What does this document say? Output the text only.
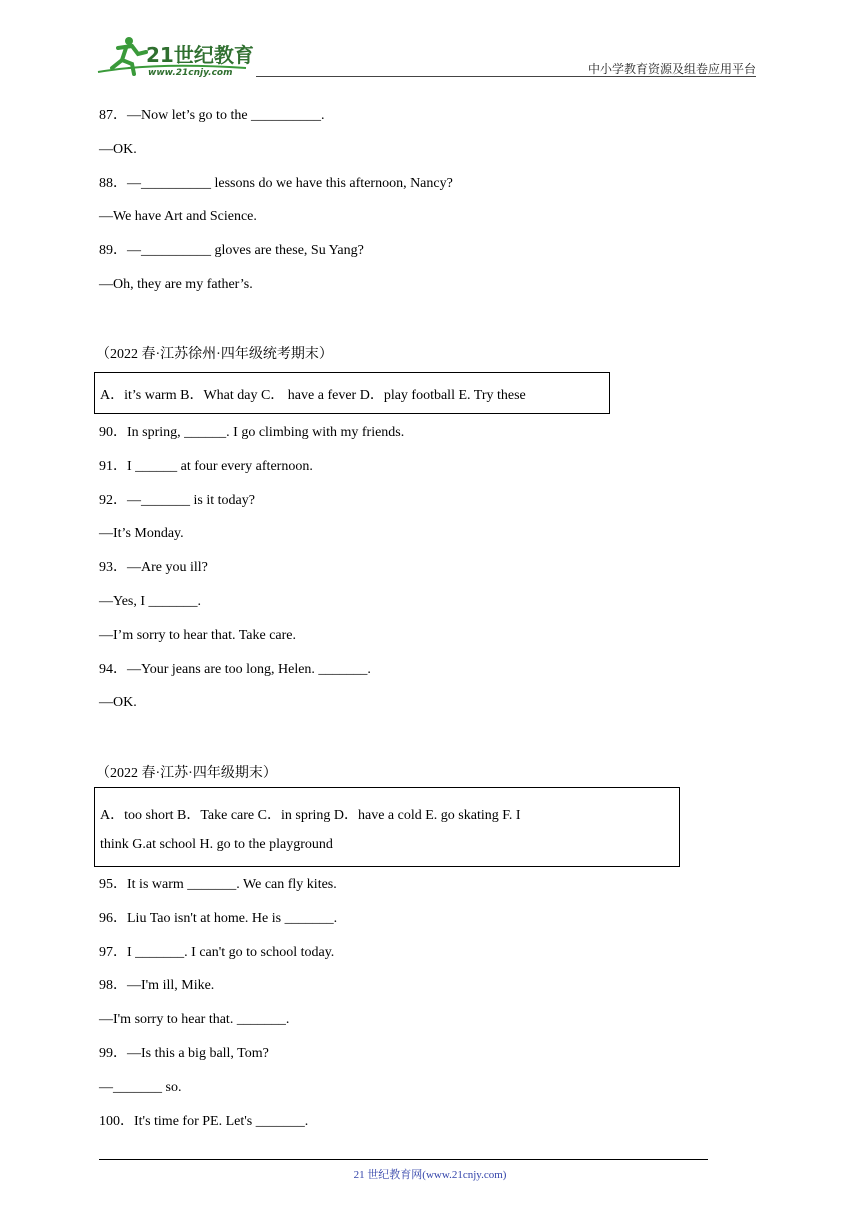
21世纪教育
www.21cnjy.com	中小学教育资源及组卷应用平台
87．—Now let’s go to the __________.
—OK.
88．—__________ lessons do we have this afternoon, Nancy?
—We have Art and Science.
89．—__________ gloves are these, Su Yang?
—Oh, they are my father’s.
（2022 春·江苏徐州·四年级统考期末）
A．it’s warm B．What day C． have a fever D．play football E. Try these
90．In spring, ______. I go climbing with my friends.
91．I ______ at four every afternoon.
92．—_______ is it today?
—It’s Monday.
93．—Are you ill?
—Yes, I _______.
—I’m sorry to hear that. Take care.
94．—Your jeans are too long, Helen. _______.
—OK.
（2022 春·江苏·四年级期末）
A．too short B．Take care C．in spring D．have a cold E. go skating F. I
think G.at school H. go to the playground
95．It is warm _______. We can fly kites.
96．Liu Tao isn't at home. He is _______.
97．I _______. I can't go to school today.
98．—I'm ill, Mike.
—I'm sorry to hear that. _______.
99．—Is this a big ball, Tom?
—_______ so.
100．It's time for PE. Let's _______.
21 世纪教育网(www.21cnjy.com)
